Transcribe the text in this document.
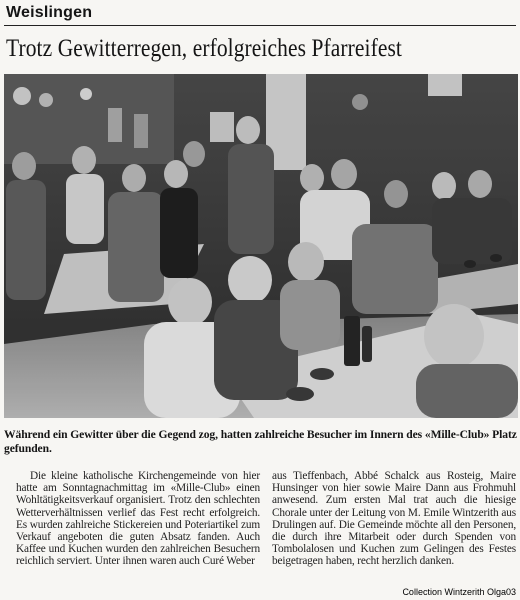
Weislingen
Trotz Gewitterregen, erfolgreiches Pfarreifest
Während ein Gewitter über die Gegend zog, hatten zahlreiche Besucher im Innern des «Mille-Club» Platz gefunden.
Die kleine katholische Kirchengemeinde von hier hatte am Sonntagnachmittag im «Mille-Club» einen Wohltätigkeitsverkauf organisiert. Trotz den schlechten Wetterverhältnissen verlief das Fest recht erfolgreich. Es wurden zahlreiche Stickereien und Poteriartikel zum Verkauf angeboten die guten Absatz fanden. Auch Kaffee und Kuchen wurden den zahlreichen Besuchern reichlich serviert. Unter ihnen waren auch Curé Weber
aus Tieffenbach, Abbé Schalck aus Rosteig, Maire Hunsinger von hier sowie Maire Dann aus Frohmuhl anwesend. Zum ersten Mal trat auch die hiesige Chorale unter der Leitung von M. Emile Wintzerith aus Drulingen auf. Die Gemeinde möchte all den Personen, die durch ihre Mitarbeit oder durch Spenden von Tombolalosen und Kuchen zum Gelingen des Festes beigetragen haben, recht herzlich danken.
Collection Wintzerith Olga03
